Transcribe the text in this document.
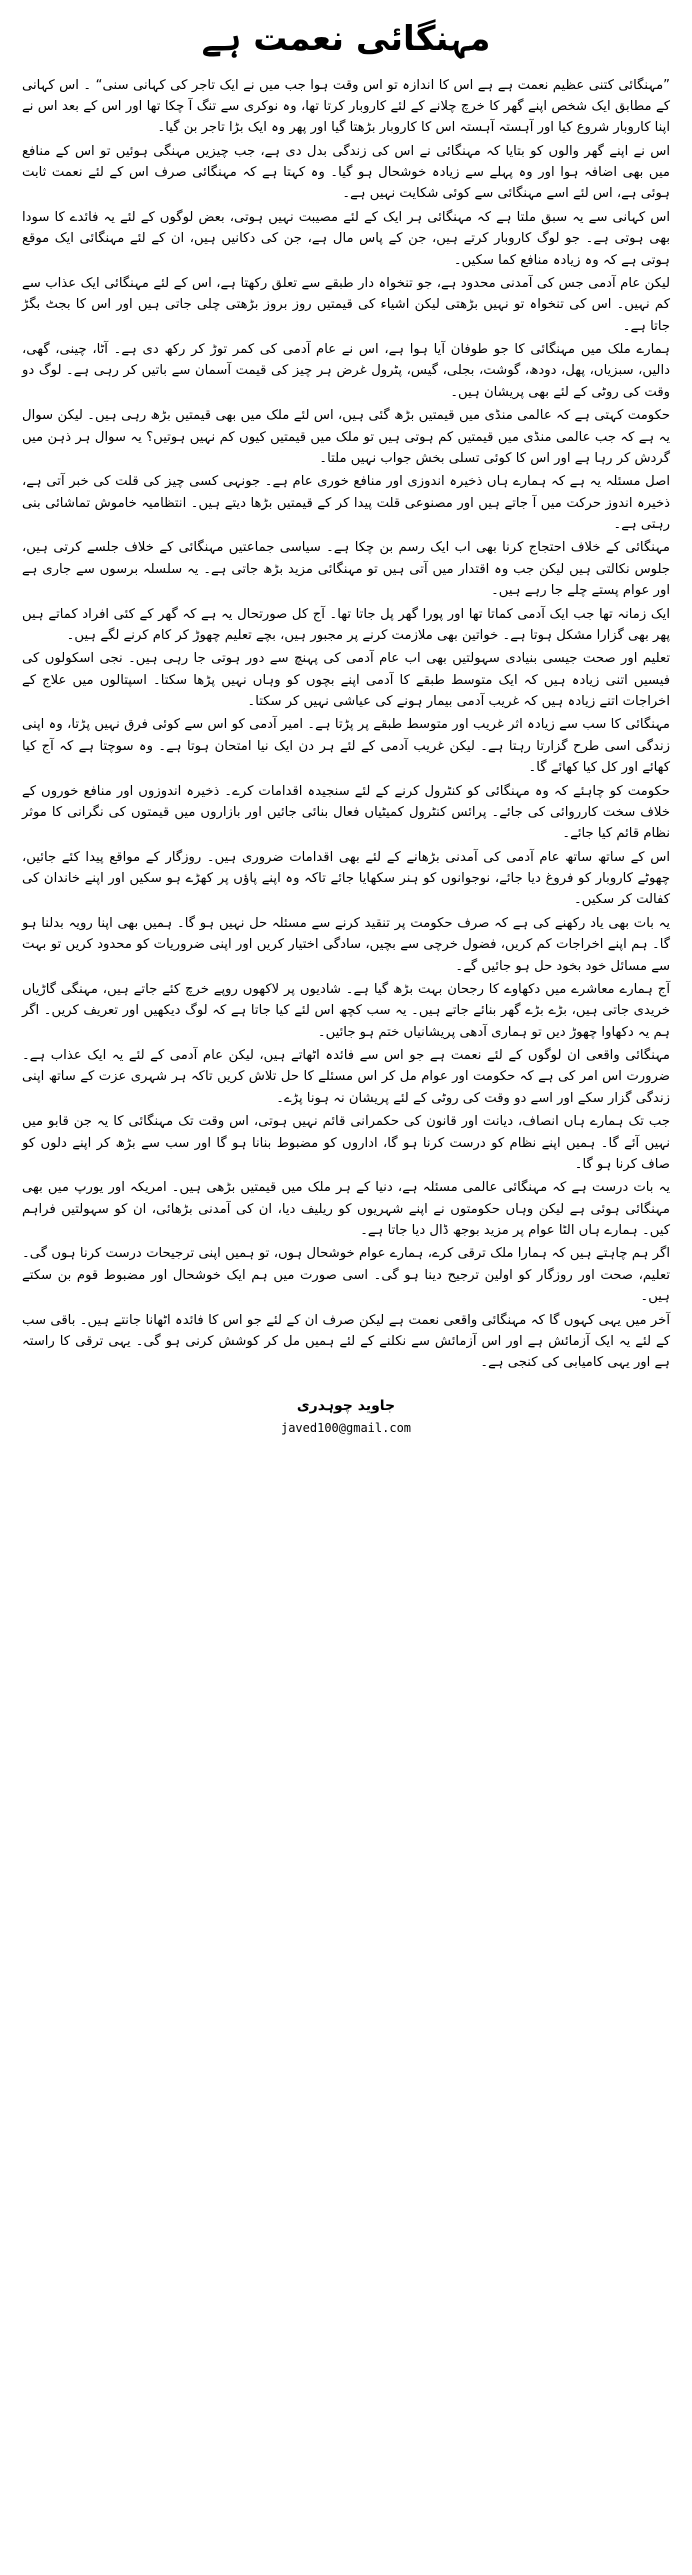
مہنگائی نعمت ہے

”مہنگائی کتنی عظیم نعمت ہے ہے اس کا اندازہ تو اس وقت ہوا جب میں نے ایک تاجر کی کہانی سنی“ ۔ اس کہانی کے مطابق ایک شخص اپنے گھر کا خرچ چلانے کے لئے کاروبار کرتا تھا، وہ نوکری سے تنگ آ چکا تھا اور اس کے بعد اس نے اپنا کاروبار شروع کیا اور آہستہ آہستہ اس کا کاروبار بڑھتا گیا اور پھر وہ ایک بڑا تاجر بن گیا۔

اس نے اپنے گھر والوں کو بتایا کہ مہنگائی نے اس کی زندگی بدل دی ہے، جب چیزیں مہنگی ہوئیں تو اس کے منافع میں بھی اضافہ ہوا اور وہ پہلے سے زیادہ خوشحال ہو گیا۔ وہ کہتا ہے کہ مہنگائی صرف اس کے لئے نعمت ثابت ہوئی ہے، اس لئے اسے مہنگائی سے کوئی شکایت نہیں ہے۔

اس کہانی سے یہ سبق ملتا ہے کہ مہنگائی ہر ایک کے لئے مصیبت نہیں ہوتی، بعض لوگوں کے لئے یہ فائدے کا سودا بھی ہوتی ہے۔ جو لوگ کاروبار کرتے ہیں، جن کے پاس مال ہے، جن کی دکانیں ہیں، ان کے لئے مہنگائی ایک موقع ہوتی ہے کہ وہ زیادہ منافع کما سکیں۔

لیکن عام آدمی جس کی آمدنی محدود ہے، جو تنخواہ دار طبقے سے تعلق رکھتا ہے، اس کے لئے مہنگائی ایک عذاب سے کم نہیں۔ اس کی تنخواہ تو نہیں بڑھتی لیکن اشیاء کی قیمتیں روز بروز بڑھتی چلی جاتی ہیں اور اس کا بجٹ بگڑ جاتا ہے۔

ہمارے ملک میں مہنگائی کا جو طوفان آیا ہوا ہے، اس نے عام آدمی کی کمر توڑ کر رکھ دی ہے۔ آٹا، چینی، گھی، دالیں، سبزیاں، پھل، دودھ، گوشت، بجلی، گیس، پٹرول غرض ہر چیز کی قیمت آسمان سے باتیں کر رہی ہے۔ لوگ دو وقت کی روٹی کے لئے بھی پریشان ہیں۔

حکومت کہتی ہے کہ عالمی منڈی میں قیمتیں بڑھ گئی ہیں، اس لئے ملک میں بھی قیمتیں بڑھ رہی ہیں۔ لیکن سوال یہ ہے کہ جب عالمی منڈی میں قیمتیں کم ہوتی ہیں تو ملک میں قیمتیں کیوں کم نہیں ہوتیں؟ یہ سوال ہر ذہن میں گردش کر رہا ہے اور اس کا کوئی تسلی بخش جواب نہیں ملتا۔

اصل مسئلہ یہ ہے کہ ہمارے ہاں ذخیرہ اندوزی اور منافع خوری عام ہے۔ جونہی کسی چیز کی قلت کی خبر آتی ہے، ذخیرہ اندوز حرکت میں آ جاتے ہیں اور مصنوعی قلت پیدا کر کے قیمتیں بڑھا دیتے ہیں۔ انتظامیہ خاموش تماشائی بنی رہتی ہے۔

مہنگائی کے خلاف احتجاج کرنا بھی اب ایک رسم بن چکا ہے۔ سیاسی جماعتیں مہنگائی کے خلاف جلسے کرتی ہیں، جلوس نکالتی ہیں لیکن جب وہ اقتدار میں آتی ہیں تو مہنگائی مزید بڑھ جاتی ہے۔ یہ سلسلہ برسوں سے جاری ہے اور عوام پستے چلے جا رہے ہیں۔

ایک زمانہ تھا جب ایک آدمی کماتا تھا اور پورا گھر پل جاتا تھا۔ آج کل صورتحال یہ ہے کہ گھر کے کئی افراد کماتے ہیں پھر بھی گزارا مشکل ہوتا ہے۔ خواتین بھی ملازمت کرنے پر مجبور ہیں، بچے تعلیم چھوڑ کر کام کرنے لگے ہیں۔

تعلیم اور صحت جیسی بنیادی سہولتیں بھی اب عام آدمی کی پہنچ سے دور ہوتی جا رہی ہیں۔ نجی اسکولوں کی فیسیں اتنی زیادہ ہیں کہ ایک متوسط طبقے کا آدمی اپنے بچوں کو وہاں نہیں پڑھا سکتا۔ اسپتالوں میں علاج کے اخراجات اتنے زیادہ ہیں کہ غریب آدمی بیمار ہونے کی عیاشی نہیں کر سکتا۔

مہنگائی کا سب سے زیادہ اثر غریب اور متوسط طبقے پر پڑتا ہے۔ امیر آدمی کو اس سے کوئی فرق نہیں پڑتا، وہ اپنی زندگی اسی طرح گزارتا رہتا ہے۔ لیکن غریب آدمی کے لئے ہر دن ایک نیا امتحان ہوتا ہے۔ وہ سوچتا ہے کہ آج کیا کھائے اور کل کیا کھائے گا۔

حکومت کو چاہئے کہ وہ مہنگائی کو کنٹرول کرنے کے لئے سنجیدہ اقدامات کرے۔ ذخیرہ اندوزوں اور منافع خوروں کے خلاف سخت کارروائی کی جائے۔ پرائس کنٹرول کمیٹیاں فعال بنائی جائیں اور بازاروں میں قیمتوں کی نگرانی کا موثر نظام قائم کیا جائے۔

اس کے ساتھ ساتھ عام آدمی کی آمدنی بڑھانے کے لئے بھی اقدامات ضروری ہیں۔ روزگار کے مواقع پیدا کئے جائیں، چھوٹے کاروبار کو فروغ دیا جائے، نوجوانوں کو ہنر سکھایا جائے تاکہ وہ اپنے پاؤں پر کھڑے ہو سکیں اور اپنے خاندان کی کفالت کر سکیں۔

یہ بات بھی یاد رکھنے کی ہے کہ صرف حکومت پر تنقید کرنے سے مسئلہ حل نہیں ہو گا۔ ہمیں بھی اپنا رویہ بدلنا ہو گا۔ ہم اپنے اخراجات کم کریں، فضول خرچی سے بچیں، سادگی اختیار کریں اور اپنی ضروریات کو محدود کریں تو بہت سے مسائل خود بخود حل ہو جائیں گے۔

آج ہمارے معاشرے میں دکھاوے کا رجحان بہت بڑھ گیا ہے۔ شادیوں پر لاکھوں روپے خرچ کئے جاتے ہیں، مہنگی گاڑیاں خریدی جاتی ہیں، بڑے بڑے گھر بنائے جاتے ہیں۔ یہ سب کچھ اس لئے کیا جاتا ہے کہ لوگ دیکھیں اور تعریف کریں۔ اگر ہم یہ دکھاوا چھوڑ دیں تو ہماری آدھی پریشانیاں ختم ہو جائیں۔

مہنگائی واقعی ان لوگوں کے لئے نعمت ہے جو اس سے فائدہ اٹھاتے ہیں، لیکن عام آدمی کے لئے یہ ایک عذاب ہے۔ ضرورت اس امر کی ہے کہ حکومت اور عوام مل کر اس مسئلے کا حل تلاش کریں تاکہ ہر شہری عزت کے ساتھ اپنی زندگی گزار سکے اور اسے دو وقت کی روٹی کے لئے پریشان نہ ہونا پڑے۔

جب تک ہمارے ہاں انصاف، دیانت اور قانون کی حکمرانی قائم نہیں ہوتی، اس وقت تک مہنگائی کا یہ جن قابو میں نہیں آئے گا۔ ہمیں اپنے نظام کو درست کرنا ہو گا، اداروں کو مضبوط بنانا ہو گا اور سب سے بڑھ کر اپنے دلوں کو صاف کرنا ہو گا۔

یہ بات درست ہے کہ مہنگائی عالمی مسئلہ ہے، دنیا کے ہر ملک میں قیمتیں بڑھی ہیں۔ امریکہ اور یورپ میں بھی مہنگائی ہوئی ہے لیکن وہاں حکومتوں نے اپنے شہریوں کو ریلیف دیا، ان کی آمدنی بڑھائی، ان کو سہولتیں فراہم کیں۔ ہمارے ہاں الٹا عوام پر مزید بوجھ ڈال دیا جاتا ہے۔

اگر ہم چاہتے ہیں کہ ہمارا ملک ترقی کرے، ہمارے عوام خوشحال ہوں، تو ہمیں اپنی ترجیحات درست کرنا ہوں گی۔ تعلیم، صحت اور روزگار کو اولین ترجیح دینا ہو گی۔ اسی صورت میں ہم ایک خوشحال اور مضبوط قوم بن سکتے ہیں۔

آخر میں یہی کہوں گا کہ مہنگائی واقعی نعمت ہے لیکن صرف ان کے لئے جو اس کا فائدہ اٹھانا جانتے ہیں۔ باقی سب کے لئے یہ ایک آزمائش ہے اور اس آزمائش سے نکلنے کے لئے ہمیں مل کر کوشش کرنی ہو گی۔ یہی ترقی کا راستہ ہے اور یہی کامیابی کی کنجی ہے۔

جاوید چوہدری
javed100@gmail.com
